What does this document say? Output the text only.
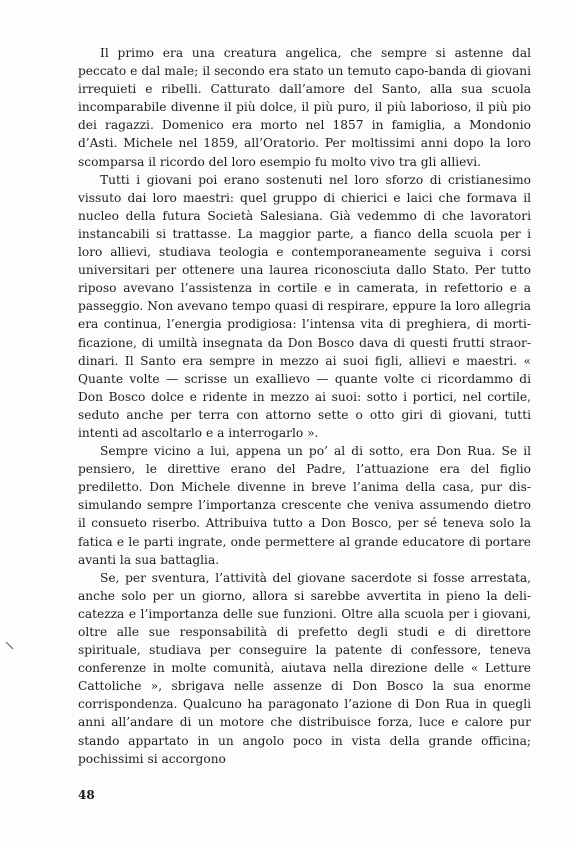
Il primo era una creatura angelica, che sempre si astenne dal peccato e dal male; il secondo era stato un temuto capo-banda di giovani irrequieti e ribelli. Catturato dall’amore del Santo, alla sua scuola incomparabile divenne il più dolce, il più puro, il più laborioso, il più pio dei ragazzi. Domenico era morto nel 1857 in famiglia, a Mondonio d’Asti. Michele nel 1859, all’Oratorio. Per moltissimi anni dopo la loro scomparsa il ricordo del loro esempio fu molto vivo tra gli allievi.

Tutti i giovani poi erano sostenuti nel loro sforzo di cristianesimo vissuto dai loro maestri: quel gruppo di chierici e laici che formava il nucleo della futura Società Salesiana. Già vedemmo di che lavoratori instancabili si trattasse. La maggior parte, a fianco della scuola per i loro allievi, studiava teologia e contemporaneamente seguiva i corsi universitari per ottenere una laurea riconosciuta dallo Stato. Per tutto riposo avevano l’assistenza in cortile e in camerata, in refettorio e a passeggio. Non avevano tempo quasi di respirare, eppure la loro allegria era continua, l’energia prodigiosa: l’intensa vita di preghiera, di mortificazione, di umiltà insegnata da Don Bosco dava di questi frutti straordinari. Il Santo era sempre in mezzo ai suoi figli, allievi e maestri. « Quante volte — scrisse un exallievo — quante volte ci ricordammo di Don Bosco dolce e ridente in mezzo ai suoi: sotto i portici, nel cortile, seduto anche per terra con attorno sette o otto giri di giovani, tutti intenti ad ascoltarlo e a interrogarlo ».

Sempre vicino a lui, appena un po’ al di sotto, era Don Rua. Se il pensiero, le direttive erano del Padre, l’attuazione era del figlio prediletto. Don Michele divenne in breve l’anima della casa, pur dissimulando sempre l’importanza crescente che veniva assumendo dietro il consueto riserbo. Attribuiva tutto a Don Bosco, per sé teneva solo la fatica e le parti ingrate, onde permettere al grande educatore di portare avanti la sua battaglia.

Se, per sventura, l’attività del giovane sacerdote si fosse arrestata, anche solo per un giorno, allora si sarebbe avvertita in pieno la delicatezza e l’importanza delle sue funzioni. Oltre alla scuola per i giovani, oltre alle sue responsabilità di prefetto degli studi e di direttore spirituale, studiava per conseguire la patente di confessore, teneva conferenze in molte comunità, aiutava nella direzione delle « Letture Cattoliche », sbrigava nelle assenze di Don Bosco la sua enorme corrispondenza. Qualcuno ha paragonato l’azione di Don Rua in quegli anni all’andare di un motore che distribuisce forza, luce e calore pur stando appartato in un angolo poco in vista della grande officina; pochissimi si accorgono

48
